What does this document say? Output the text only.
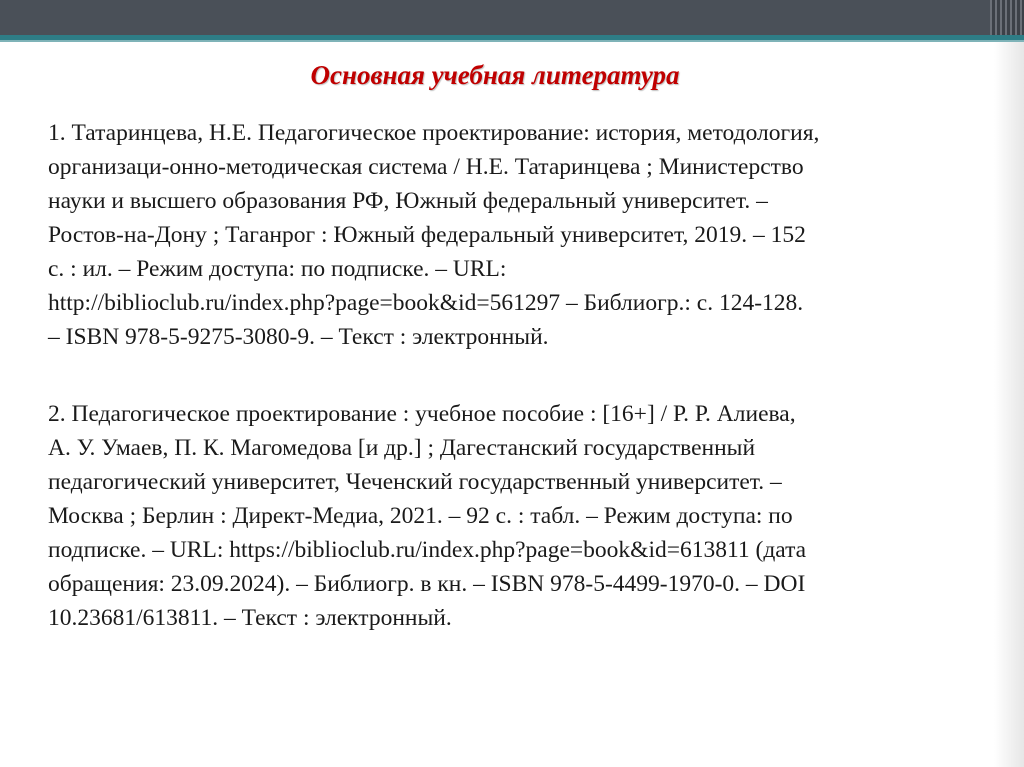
Основная учебная литература

1. Татаринцева, Н.Е. Педагогическое проектирование: история, методология,
организаци-онно-методическая система / Н.Е. Татаринцева ; Министерство
науки и высшего образования РФ, Южный федеральный университет. –
Ростов-на-Дону ; Таганрог : Южный федеральный университет, 2019. – 152
с. : ил. – Режим доступа: по подписке. – URL:
http://biblioclub.ru/index.php?page=book&id=561297 – Библиогр.: с. 124-128.
– ISBN 978-5-9275-3080-9. – Текст : электронный.

2. Педагогическое проектирование : учебное пособие : [16+] / Р. Р. Алиева,
А. У. Умаев, П. К. Магомедова [и др.] ; Дагестанский государственный
педагогический университет, Чеченский государственный университет. –
Москва ; Берлин : Директ-Медиа, 2021. – 92 с. : табл. – Режим доступа: по
подписке. – URL: https://biblioclub.ru/index.php?page=book&id=613811 (дата
обращения: 23.09.2024). – Библиогр. в кн. – ISBN 978-5-4499-1970-0. – DOI
10.23681/613811. – Текст : электронный.
